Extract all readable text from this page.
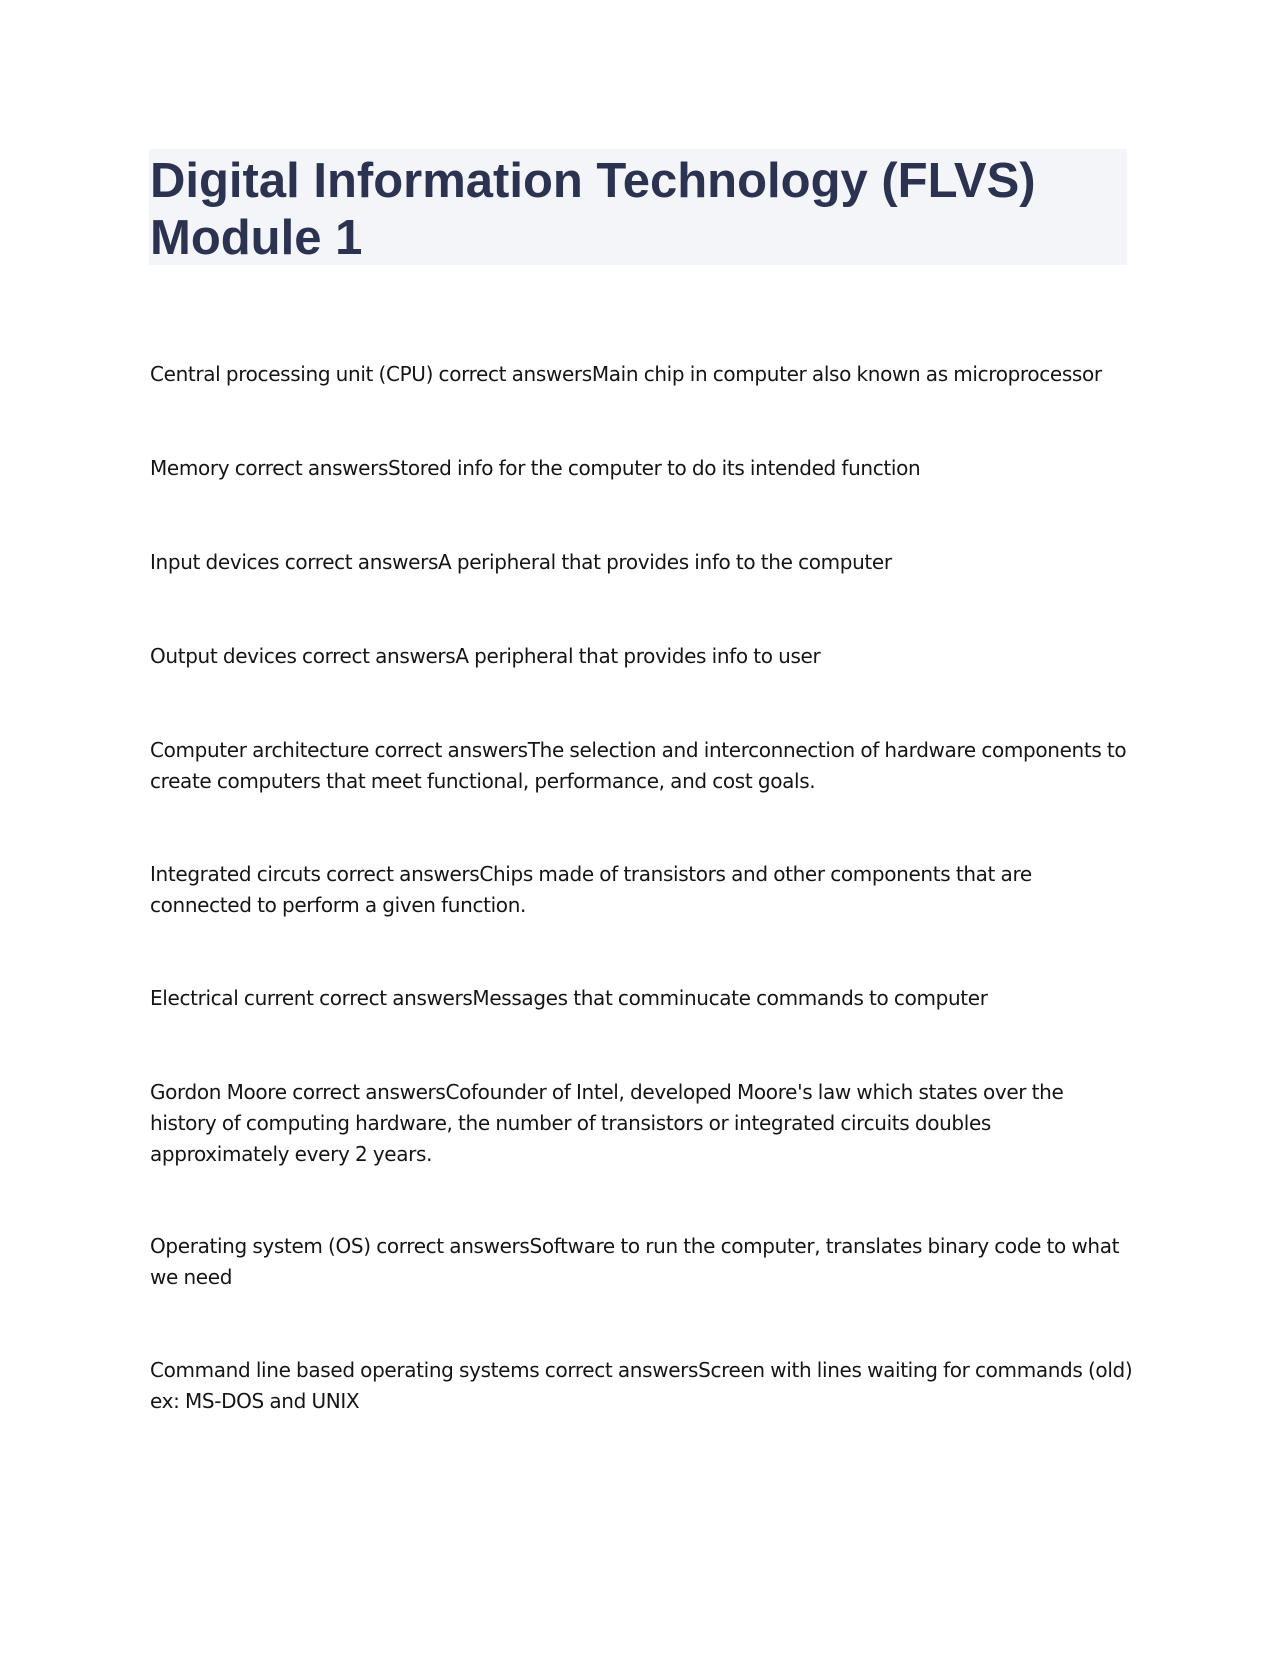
Digital Information Technology (FLVS) Module 1

Central processing unit (CPU) correct answersMain chip in computer also known as microprocessor

Memory correct answersStored info for the computer to do its intended function

Input devices correct answersA peripheral that provides info to the computer

Output devices correct answersA peripheral that provides info to user

Computer architecture correct answersThe selection and interconnection of hardware components to create computers that meet functional, performance, and cost goals.

Integrated circuts correct answersChips made of transistors and other components that are connected to perform a given function.

Electrical current correct answersMessages that comminucate commands to computer

Gordon Moore correct answersCofounder of Intel, developed Moore's law which states over the history of computing hardware, the number of transistors or integrated circuits doubles approximately every 2 years.

Operating system (OS) correct answersSoftware to run the computer, translates binary code to what we need

Command line based operating systems correct answersScreen with lines waiting for commands (old) ex: MS-DOS and UNIX
